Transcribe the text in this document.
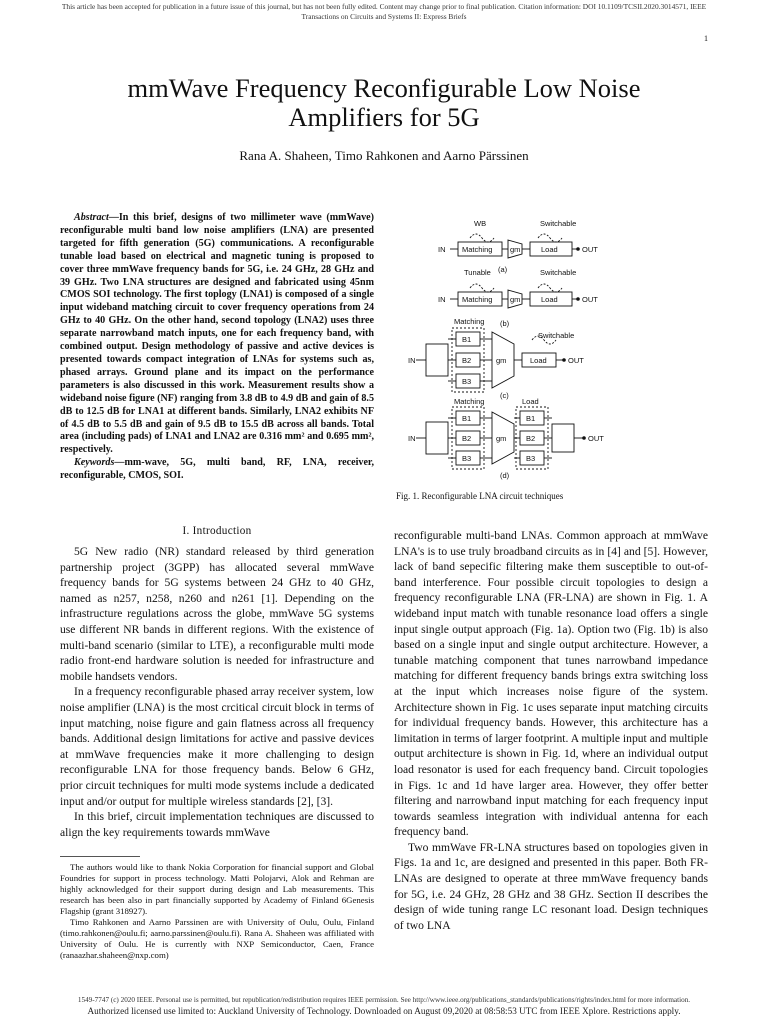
This article has been accepted for publication in a future issue of this journal, but has not been fully edited. Content may change prior to final publication. Citation information: DOI 10.1109/TCSII.2020.3014571, IEEE
Transactions on Circuits and Systems II: Express Briefs
1
mmWave Frequency Reconfigurable Low Noise
Amplifiers for 5G
Rana A. Shaheen, Timo Rahkonen and Aarno Pärssinen
Abstract—In this brief, designs of two millimeter wave (mmWave) reconfigurable multi band low noise amplifiers (LNA) are presented targeted for fifth generation (5G) communications. A reconfigurable tunable load based on electrical and magnetic tuning is proposed to cover three mmWave frequency bands for 5G, i.e. 24 GHz, 28 GHz and 39 GHz. Two LNA structures are designed and fabricated using 45nm CMOS SOI technology. The first toplogy (LNA1) is composed of a single input wideband matching circuit to cover frequency operations from 24 GHz to 40 GHz. On the other hand, second topology (LNA2) uses three separate narrowband match inputs, one for each frequency band, with combined output. Design methodology of passive and active devices is presented towards compact integration of LNAs for systems such as, phased arrays. Ground plane and its impact on the performance parameters is also discussed in this work. Measurement results show a wideband noise figure (NF) ranging from 3.8 dB to 4.9 dB and gain of 8.5 dB to 12.5 dB for LNA1 at different bands. Similarly, LNA2 exhibits NF of 4.5 dB to 5.5 dB and gain of 9.5 dB to 15.5 dB across all bands. Total area (including pads) of LNA1 and LNA2 are 0.316 mm² and 0.695 mm², respectively.
Keywords—mm-wave, 5G, multi band, RF, LNA, receiver, reconfigurable, CMOS, SOI.
I. Introduction

5G New radio (NR) standard released by third generation partnership project (3GPP) has allocated several mmWave frequency bands for 5G systems between 24 GHz to 40 GHz, named as n257, n258, n260 and n261 [1]. Depending on the infrastructure regulations across the globe, mmWave 5G systems use different NR bands in different regions. With the existence of multi-band scenario (similar to LTE), a reconfigurable multi mode radio front-end hardware solution is needed for infrastructure and mobile handsets vendors.

In a frequency reconfigurable phased array receiver system, low noise amplifier (LNA) is the most crcitical circuit block in terms of input matching, noise figure and gain flatness across all frequency bands. Additional design limitations for active and passive devices at mmWave frequencies make it more challenging to design reconfigurable LNA for those frequency bands. Below 6 GHz, prior circuit techniques for multi mode systems include a dedicated input and/or output for multiple wireless standards [2], [3].

In this brief, circuit implementation techniques are discussed to align the key requirements towards mmWave

The authors would like to thank Nokia Corporation for financial support and Global Foundries for support in process technology. Matti Polojarvi, Alok and Rehman are highly acknowledged for their support during design and Lab measurements. This research has been also in part financially supported by Academy of Finland 6Genesis Flagship (grant 318927).

Timo Rahkonen and Aarno Parssinen are with University of Oulu, Oulu, Finland (timo.rahkonen@oulu.fi; aarno.parssinen@oulu.fi). Rana A. Shaheen was affiliated with University of Oulu. He is currently with NXP Semiconductor, Caen, France (ranaazhar.shaheen@nxp.com)

reconfigurable multi-band LNAs. Common approach at mmWave LNA's is to use truly broadband circuits as in [4] and [5]. However, lack of band sepecific filtering make them susceptible to out-of-band interference. Four possible circuit topologies to design a frequency reconfigurable LNA (FR-LNA) are shown in Fig. 1. A wideband input match with tunable resonance load offers a single input single output approach (Fig. 1a). Option two (Fig. 1b) is also based on a single input and single output architecture. However, a tunable matching component that tunes narrowband impedance matching for different frequency bands brings extra switching loss at the input which increases noise figure of the system. Architecture shown in Fig. 1c uses separate input matching circuits for individual frequency bands. However, this architecture has a limitation in terms of larger footprint. A multiple input and multiple output architecture is shown in Fig. 1d, where an individual output load resonator is used for each frequency band. Circuit topologies in Figs. 1c and 1d have larger area. However, they offer better filtering and narrowband input matching for each frequency input towards seamless integration with individual antenna for each frequency band.

Two mmWave FR-LNA structures based on topologies given in Figs. 1a and 1c, are designed and presented in this paper. Both FR-LNAs are designed to operate at three mmWave frequency bands for 5G, i.e. 24 GHz, 28 GHz and 38 GHz. Section II describes the design of wide tuning range LC resonant load. Design techniques of two LNA

WB	Switchable
IN Matching gm	Load	OUT
(a)
Tunable	Switchable
IN Matching gm	Load	OUT
(b)
Matching
Switchable
IN
B1
B2
B3
gm	Load	OUT
(c)
Matching	Load
IN
B1
B2
B3
gm
B1
B2
B3
OUT
(d)
Fig. 1. Reconfigurable LNA circuit techniques
1549-7747 (c) 2020 IEEE. Personal use is permitted, but republication/redistribution requires IEEE permission. See http://www.ieee.org/publications_standards/publications/rights/index.html for more information.
Authorized licensed use limited to: Auckland University of Technology. Downloaded on August 09,2020 at 08:58:53 UTC from IEEE Xplore. Restrictions apply.
